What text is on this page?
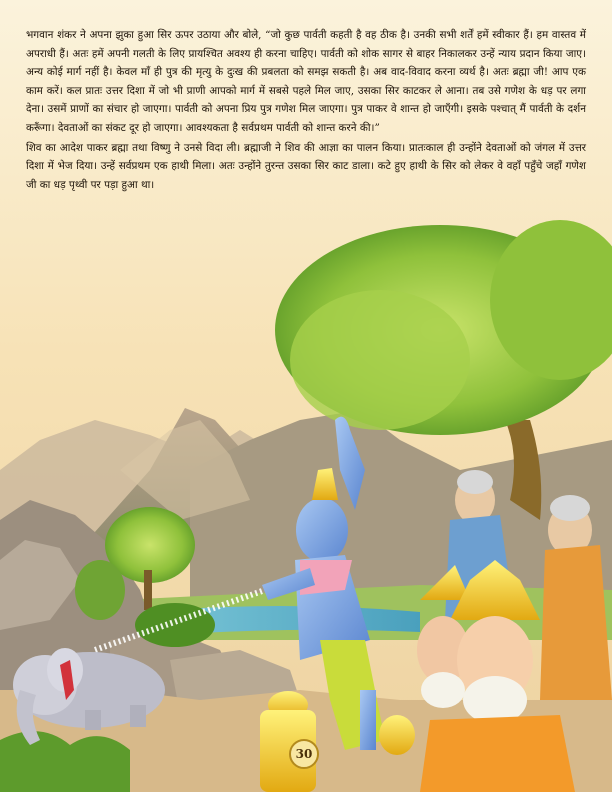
भगवान शंकर ने अपना झुका हुआ सिर ऊपर उठाया और बोले, “जो कुछ पार्वती कहती है वह ठीक है। उनकी सभी शर्तें हमें स्वीकार हैं। हम वास्तव में अपराधी हैं। अतः हमें अपनी गलती के लिए प्रायश्चित अवश्य ही करना चाहिए। पार्वती को शोक सागर से बाहर निकालकर उन्हें न्याय प्रदान किया जाए। अन्य कोई मार्ग नहीं है। केवल माँ ही पुत्र की मृत्यु के दुःख की प्रबलता को समझ सकती है। अब वाद-विवाद करना व्यर्थ है। अतः ब्रह्मा जी! आप एक काम करें। कल प्रातः उत्तर दिशा में जो भी प्राणी आपको मार्ग में सबसे पहले मिल जाए, उसका सिर काटकर ले आना। तब उसे गणेश के धड़ पर लगा देना। उसमें प्राणों का संचार हो जाएगा। पार्वती को अपना प्रिय पुत्र गणेश मिल जाएगा। पुत्र पाकर वे शान्त हो जाएँगी। इसके पश्चात् मैं पार्वती के दर्शन करूँगा। देवताओं का संकट दूर हो जाएगा। आवश्यकता है सर्वप्रथम पार्वती को शान्त करने की।”

शिव का आदेश पाकर ब्रह्मा तथा विष्णु ने उनसे विदा ली। ब्रह्माजी ने शिव की आज्ञा का पालन किया। प्रातःकाल ही उन्होंने देवताओं को जंगल में उत्तर दिशा में भेज दिया। उन्हें सर्वप्रथम एक हाथी मिला। अतः उन्होंने तुरन्त उसका सिर काट डाला। कटे हुए हाथी के सिर को लेकर वे वहाँ पहुँचे जहाँ गणेश जी का धड़ पृथ्वी पर पड़ा हुआ था।

30
